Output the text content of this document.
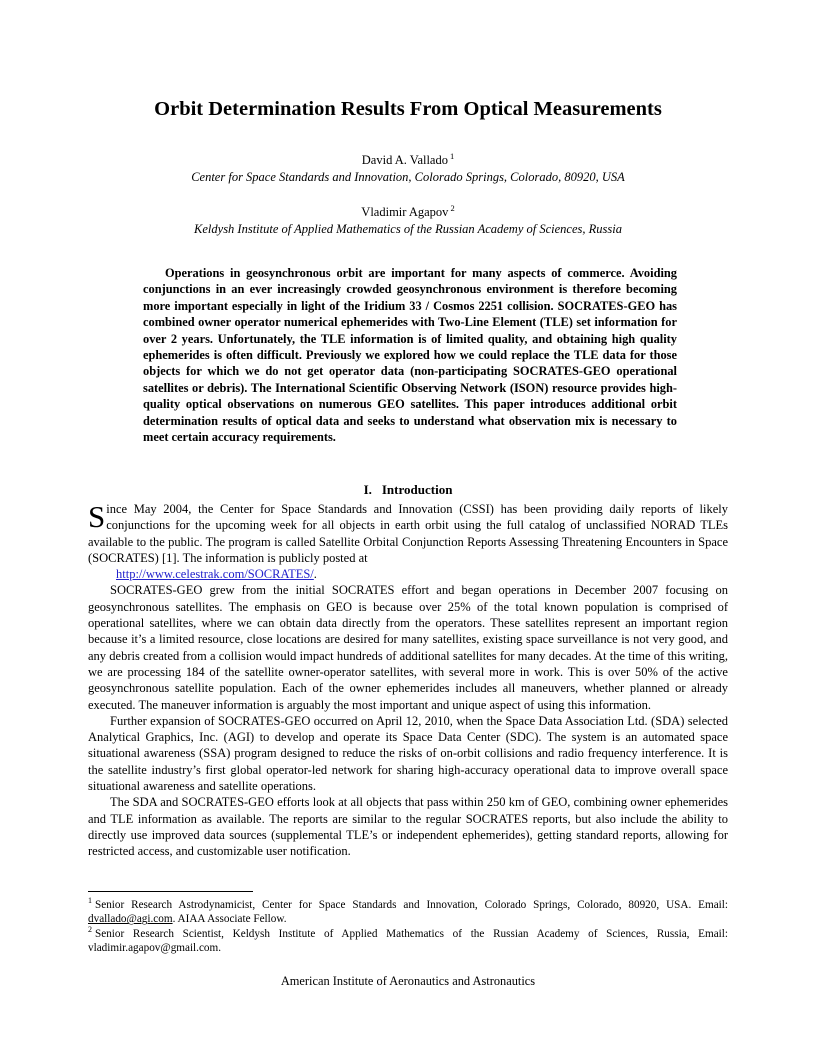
Orbit Determination Results From Optical Measurements
David A. Vallado $^1$
Center for Space Standards and Innovation, Colorado Springs, Colorado, 80920, USA
Vladimir Agapov $^2$
Keldysh Institute of Applied Mathematics of the Russian Academy of Sciences, Russia
Operations in geosynchronous orbit are important for many aspects of commerce. Avoiding conjunctions in an ever increasingly crowded geosynchronous environment is therefore becoming more important especially in light of the Iridium 33 / Cosmos 2251 collision. SOCRATES-GEO has combined owner operator numerical ephemerides with Two-Line Element (TLE) set information for over 2 years. Unfortunately, the TLE information is of limited quality, and obtaining high quality ephemerides is often difficult. Previously we explored how we could replace the TLE data for those objects for which we do not get operator data (non-participating SOCRATES-GEO operational satellites or debris). The International Scientific Observing Network (ISON) resource provides high-quality optical observations on numerous GEO satellites. This paper introduces additional orbit determination results of optical data and seeks to understand what observation mix is necessary to meet certain accuracy requirements.
I. Introduction

Since May 2004, the Center for Space Standards and Innovation (CSSI) has been providing daily reports of likely conjunctions for the upcoming week for all objects in earth orbit using the full catalog of unclassified NORAD TLEs available to the public. The program is called Satellite Orbital Conjunction Reports Assessing Threatening Encounters in Space (SOCRATES) [1]. The information is publicly posted at

http://www.celestrak.com/SOCRATES/.

SOCRATES-GEO grew from the initial SOCRATES effort and began operations in December 2007 focusing on geosynchronous satellites. The emphasis on GEO is because over 25% of the total known population is comprised of operational satellites, where we can obtain data directly from the operators. These satellites represent an important region because it’s a limited resource, close locations are desired for many satellites, existing space surveillance is not very good, and any debris created from a collision would impact hundreds of additional satellites for many decades. At the time of this writing, we are processing 184 of the satellite owner-operator satellites, with several more in work. This is over 50% of the active geosynchronous satellite population. Each of the owner ephemerides includes all maneuvers, whether planned or already executed. The maneuver information is arguably the most important and unique aspect of using this information.

Further expansion of SOCRATES-GEO occurred on April 12, 2010, when the Space Data Association Ltd. (SDA) selected Analytical Graphics, Inc. (AGI) to develop and operate its Space Data Center (SDC). The system is an automated space situational awareness (SSA) program designed to reduce the risks of on-orbit collisions and radio frequency interference. It is the satellite industry’s first global operator-led network for sharing high-accuracy operational data to improve overall space situational awareness and satellite operations.

The SDA and SOCRATES-GEO efforts look at all objects that pass within 250 km of GEO, combining owner ephemerides and TLE information as available. The reports are similar to the regular SOCRATES reports, but also include the ability to directly use improved data sources (supplemental TLE’s or independent ephemerides), getting standard reports, allowing for restricted access, and customizable user notification.

$^1$ Senior Research Astrodynamicist, Center for Space Standards and Innovation, Colorado Springs, Colorado, 80920, USA. Email: dvallado@agi.com. AIAA Associate Fellow.

$^2$ Senior Research Scientist, Keldysh Institute of Applied Mathematics of the Russian Academy of Sciences, Russia, Email: vladimir.agapov@gmail.com.

American Institute of Aeronautics and Astronautics
